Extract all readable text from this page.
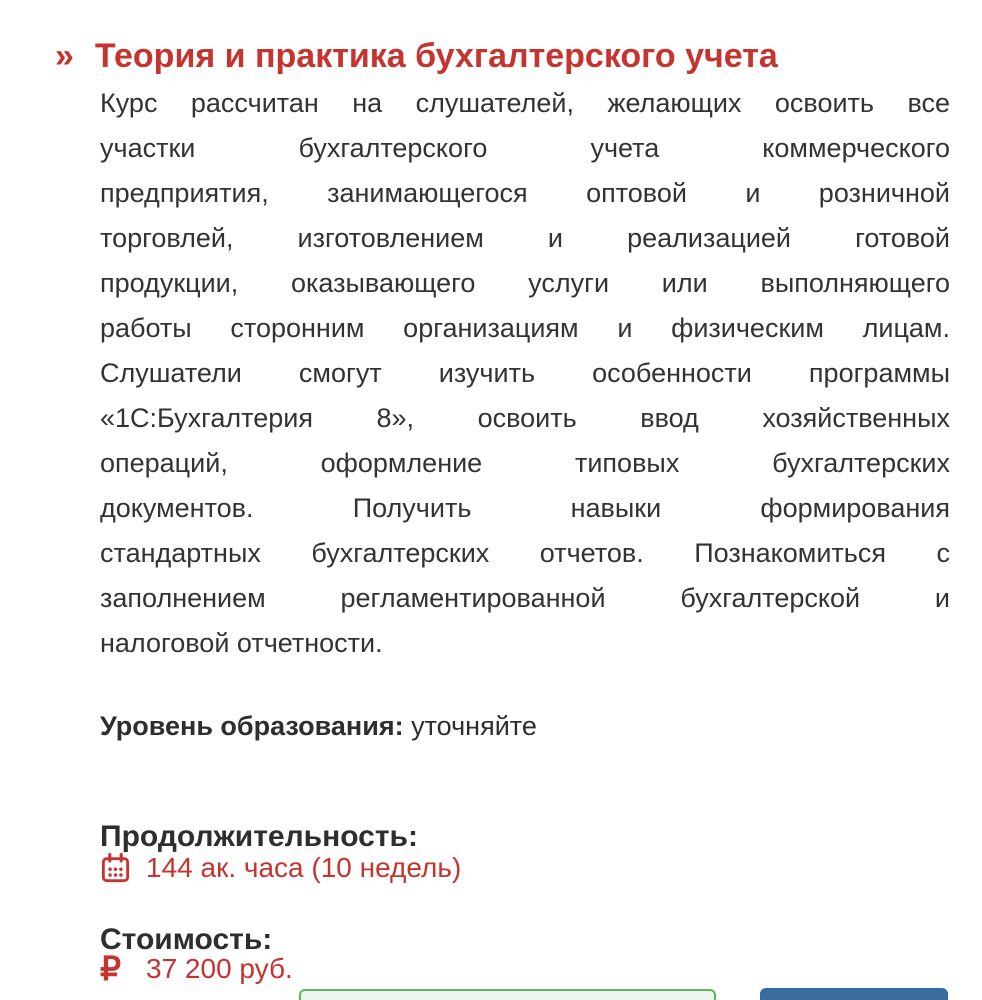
» Теория и практика бухгалтерского учета
Курс рассчитан на слушателей, желающих освоить все
участки бухгалтерского учета коммерческого
предприятия, занимающегося оптовой и розничной
торговлей, изготовлением и реализацией готовой
продукции, оказывающего услуги или выполняющего
работы сторонним организациям и физическим лицам.
Слушатели смогут изучить особенности программы
«1С:Бухгалтерия 8», освоить ввод хозяйственных
операций, оформление типовых бухгалтерских
документов. Получить навыки формирования
стандартных бухгалтерских отчетов. Познакомиться с
заполнением регламентированной бухгалтерской и
налоговой отчетности.
Уровень образования: уточняйте
Продолжительность:
144 ак. часа (10 недель)
Стоимость:
₽ 37 200 руб.
